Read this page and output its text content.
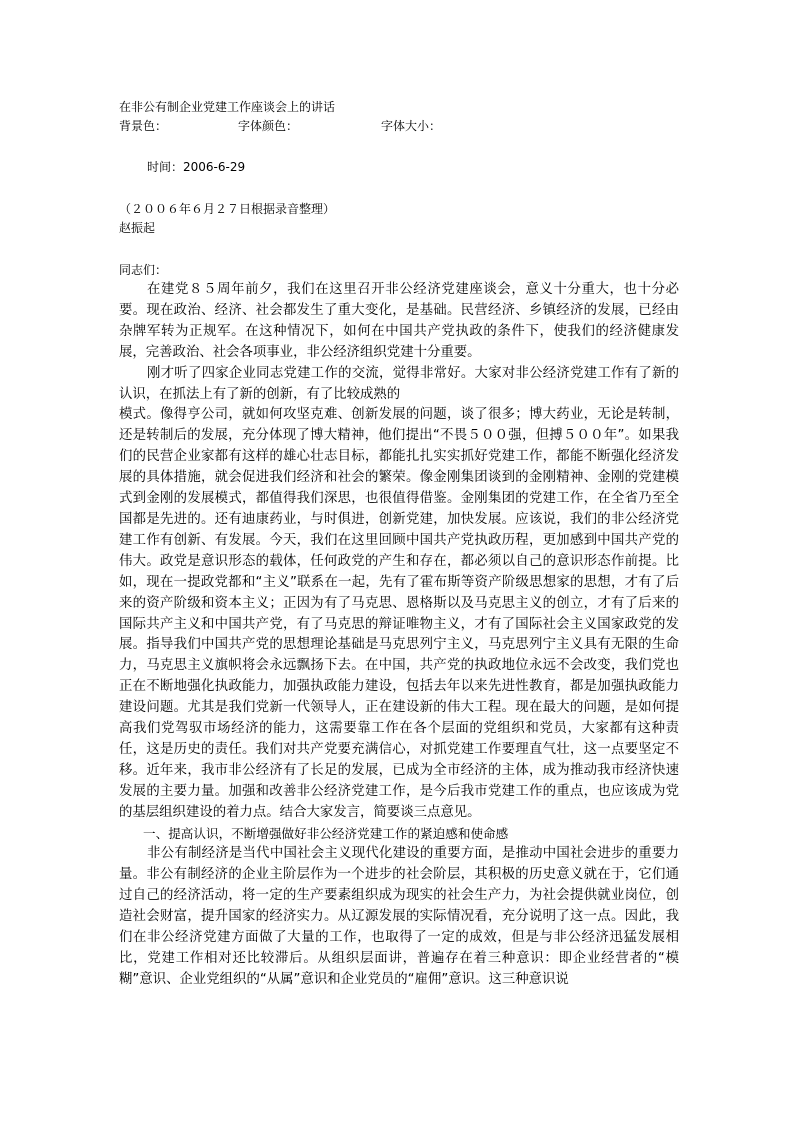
在非公有制企业党建工作座谈会上的讲话
背景色：	字体颜色：	字体大小：
时间：2006-6-29
（２００６年６月２７日根据录音整理）
赵振起
同志们：

在建党８５周年前夕，我们在这里召开非公经济党建座谈会，意义十分重大，也十分必要。现在政治、经济、社会都发生了重大变化，是基础。民营经济、乡镇经济的发展，已经由杂牌军转为正规军。在这种情况下，如何在中国共产党执政的条件下，使我们的经济健康发展，完善政治、社会各项事业，非公经济组织党建十分重要。

刚才听了四家企业同志党建工作的交流，觉得非常好。大家对非公经济党建工作有了新的认识，在抓法上有了新的创新，有了比较成熟的

模式。像得亨公司，就如何攻坚克难、创新发展的问题，谈了很多；博大药业，无论是转制，还是转制后的发展，充分体现了博大精神，他们提出“不畏５００强，但搏５００年”。如果我们的民营企业家都有这样的雄心壮志目标，都能扎扎实实抓好党建工作，都能不断强化经济发展的具体措施，就会促进我们经济和社会的繁荣。像金刚集团谈到的金刚精神、金刚的党建模式到金刚的发展模式，都值得我们深思，也很值得借鉴。金刚集团的党建工作，在全省乃至全国都是先进的。还有迪康药业，与时俱进，创新党建，加快发展。应该说，我们的非公经济党建工作有创新、有发展。今天，我们在这里回顾中国共产党执政历程，更加感到中国共产党的伟大。政党是意识形态的载体，任何政党的产生和存在，都必须以自己的意识形态作前提。比如，现在一提政党都和“主义”联系在一起，先有了霍布斯等资产阶级思想家的思想，才有了后来的资产阶级和资本主义；正因为有了马克思、恩格斯以及马克思主义的创立，才有了后来的国际共产主义和中国共产党，有了马克思的辩证唯物主义，才有了国际社会主义国家政党的发展。指导我们中国共产党的思想理论基础是马克思列宁主义，马克思列宁主义具有无限的生命力，马克思主义旗帜将会永远飘扬下去。在中国，共产党的执政地位永远不会改变，我们党也正在不断地强化执政能力，加强执政能力建设，包括去年以来先进性教育，都是加强执政能力建设问题。尤其是我们党新一代领导人，正在建设新的伟大工程。现在最大的问题，是如何提高我们党驾驭市场经济的能力，这需要靠工作在各个层面的党组织和党员，大家都有这种责任，这是历史的责任。我们对共产党要充满信心，对抓党建工作要理直气壮，这一点要坚定不移。近年来，我市非公经济有了长足的发展，已成为全市经济的主体，成为推动我市经济快速发展的主要力量。加强和改善非公经济党建工作，是今后我市党建工作的重点，也应该成为党的基层组织建设的着力点。结合大家发言，简要谈三点意见。

一、提高认识，不断增强做好非公经济党建工作的紧迫感和使命感

非公有制经济是当代中国社会主义现代化建设的重要方面，是推动中国社会进步的重要力量。非公有制经济的企业主阶层作为一个进步的社会阶层，其积极的历史意义就在于，它们通过自己的经济活动，将一定的生产要素组织成为现实的社会生产力，为社会提供就业岗位，创造社会财富，提升国家的经济实力。从辽源发展的实际情况看，充分说明了这一点。因此，我们在非公经济党建方面做了大量的工作，也取得了一定的成效，但是与非公经济迅猛发展相比，党建工作相对还比较滞后。从组织层面讲，普遍存在着三种意识：即企业经营者的“模糊”意识、企业党组织的“从属”意识和企业党员的“雇佣”意识。这三种意识说
